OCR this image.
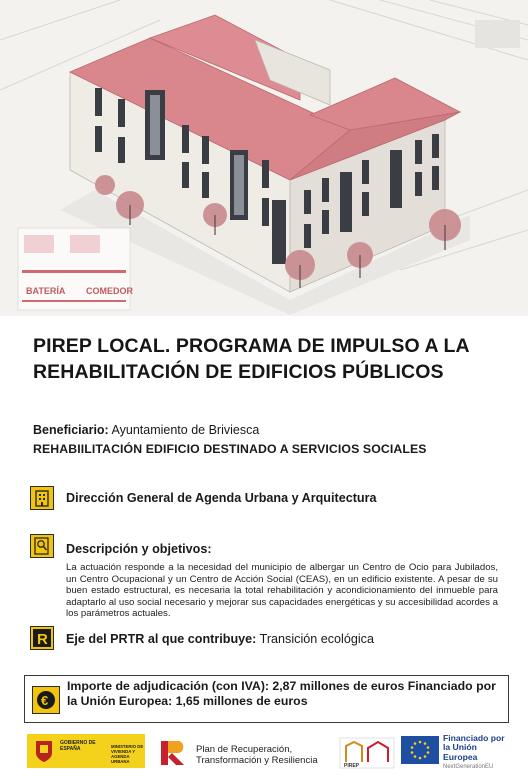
BATERÍA COMEDOR
PIREP LOCAL. PROGRAMA DE IMPULSO A LA REHABILITACIÓN DE EDIFICIOS PÚBLICOS
Beneficiario: Ayuntamiento de Briviesca
REHABIILITACIÓN EDIFICIO DESTINADO A SERVICIOS SOCIALES
Dirección General de Agenda Urbana y Arquitectura
Descripción y objetivos:

La actuación responde a la necesidad del municipio de albergar un Centro de Ocio para Jubilados, un Centro Ocupacional y un Centro de Acción Social (CEAS), en un edificio existente. A pesar de su buen estado estructural, es necesaria la total rehabilitación y acondicionamiento del inmueble para adaptarlo al uso social necesario y mejorar sus capacidades energéticas y su accesibilidad acordes a los parámetros actuales.

R Eje del PRTR al que contribuye: Transición ecológica
€

Importe de adjudicación (con IVA): 2,87 millones de euros Financiado por la Unión Europea: 1,65 millones de euros

GOBIERNO DE ESPAÑA	MINISTERIO DE VIVIENDA Y AGENDA URBANA
Plan de Recuperación,
Transformación y Resiliencia	PIREP
Financiado por la Unión Europea
NextGenerationEU
